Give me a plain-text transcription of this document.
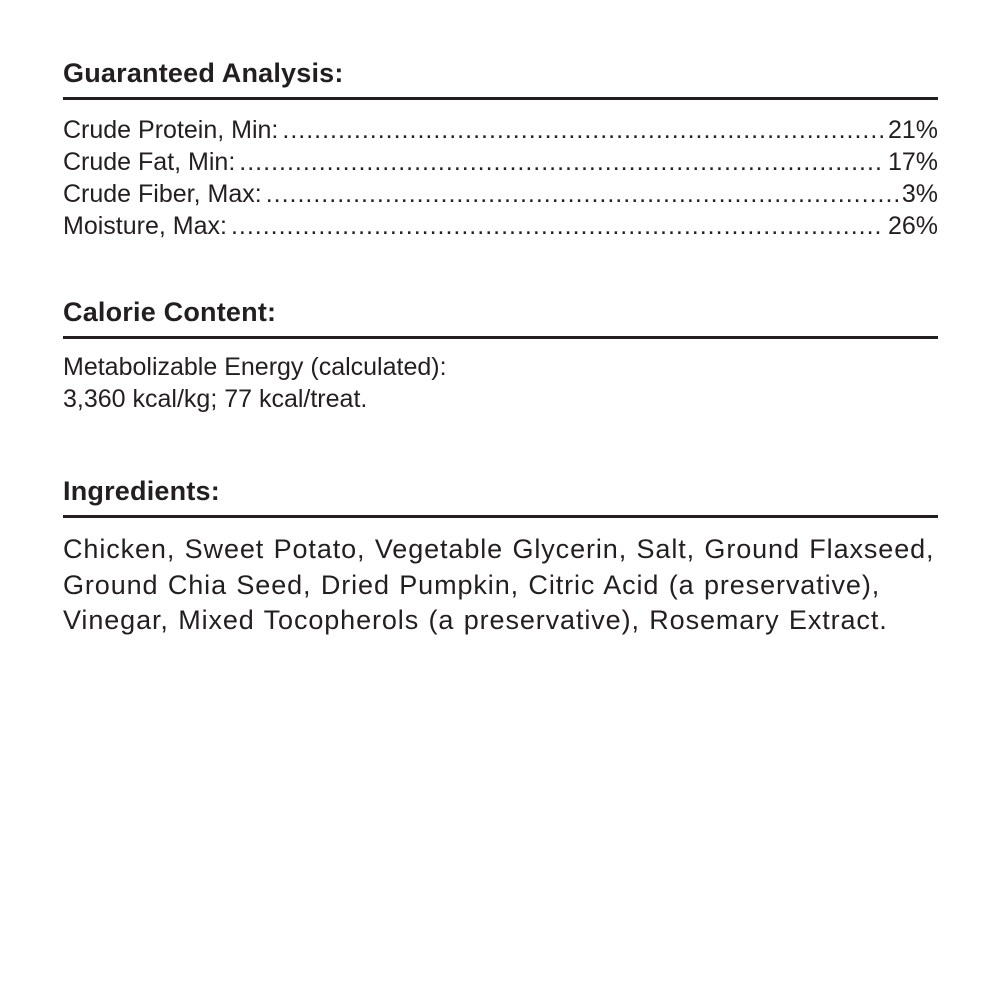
Guaranteed Analysis:
Crude Protein, Min: .....	21%
Crude Fat, Min: .....	17%
Crude Fiber, Max: .....	3%
Moisture, Max: .....	26%
Calorie Content:
Metabolizable Energy (calculated):
3,360 kcal/kg; 77 kcal/treat.
Ingredients:

Chicken, Sweet Potato, Vegetable Glycerin, Salt, Ground Flaxseed, Ground Chia Seed, Dried Pumpkin, Citric Acid (a preservative), Vinegar, Mixed Tocopherols (a preservative), Rosemary Extract.
